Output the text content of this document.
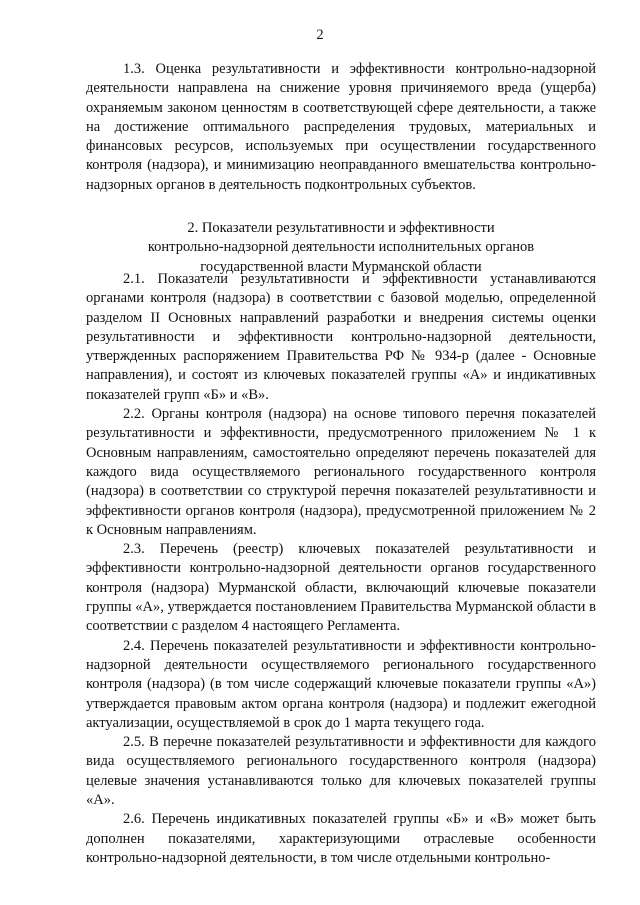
2

1.3. Оценка результативности и эффективности контрольно-надзорной деятельности направлена на снижение уровня причиняемого вреда (ущерба) охраняемым законом ценностям в соответствующей сфере деятельности, а также на достижение оптимального распределения трудовых, материальных и финансовых ресурсов, используемых при осуществлении государственного контроля (надзора), и минимизацию неоправданного вмешательства контрольно-надзорных органов в деятельность подконтрольных субъектов.

2. Показатели результативности и эффективности
контрольно-надзорной деятельности исполнительных органов
государственной власти Мурманской области

2.1. Показатели результативности и эффективности устанавливаются органами контроля (надзора) в соответствии с базовой моделью, определенной разделом II Основных направлений разработки и внедрения системы оценки результативности и эффективности контрольно-надзорной деятельности, утвержденных распоряжением Правительства РФ № 934-р (далее - Основные направления), и состоят из ключевых показателей группы «А» и индикативных показателей групп «Б» и «В».

2.2. Органы контроля (надзора) на основе типового перечня показателей результативности и эффективности, предусмотренного приложением № 1 к Основным направлениям, самостоятельно определяют перечень показателей для каждого вида осуществляемого регионального государственного контроля (надзора) в соответствии со структурой перечня показателей результативности и эффективности органов контроля (надзора), предусмотренной приложением № 2 к Основным направлениям.

2.3. Перечень (реестр) ключевых показателей результативности и эффективности контрольно-надзорной деятельности органов государственного контроля (надзора) Мурманской области, включающий ключевые показатели группы «А», утверждается постановлением Правительства Мурманской области в соответствии с разделом 4 настоящего Регламента.

2.4. Перечень показателей результативности и эффективности контрольно-надзорной деятельности осуществляемого регионального государственного контроля (надзора) (в том числе содержащий ключевые показатели группы «А») утверждается правовым актом органа контроля (надзора) и подлежит ежегодной актуализации, осуществляемой в срок до 1 марта текущего года.

2.5. В перечне показателей результативности и эффективности для каждого вида осуществляемого регионального государственного контроля (надзора) целевые значения устанавливаются только для ключевых показателей группы «А».

2.6. Перечень индикативных показателей группы «Б» и «В» может быть дополнен показателями, характеризующими отраслевые особенности контрольно-надзорной деятельности, в том числе отдельными контрольно-
